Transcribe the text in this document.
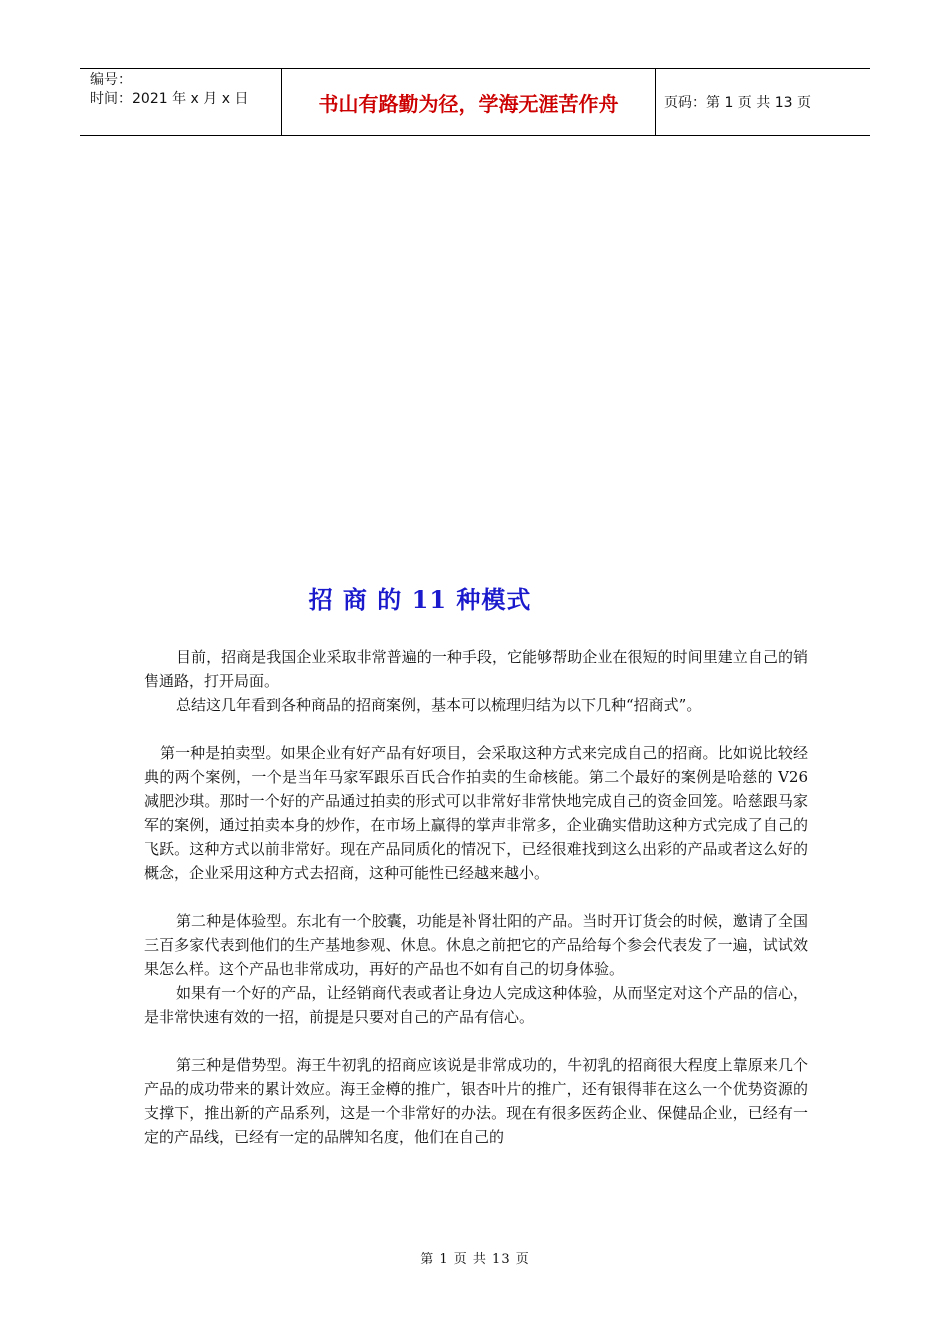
编号：
时间：2021 年 x 月 x 日	书山有路勤为径，学海无涯苦作舟	页码：第 1 页 共 13 页
招 商 的 11 种模式

目前，招商是我国企业采取非常普遍的一种手段，它能够帮助企业在很短的时间里建立自己的销售通路，打开局面。

总结这几年看到各种商品的招商案例，基本可以梳理归结为以下几种“招商式”。

第一种是拍卖型。如果企业有好产品有好项目，会采取这种方式来完成自己的招商。比如说比较经典的两个案例，一个是当年马家军跟乐百氏合作拍卖的生命核能。第二个最好的案例是哈慈的 V26 减肥沙琪。那时一个好的产品通过拍卖的形式可以非常好非常快地完成自己的资金回笼。哈慈跟马家军的案例，通过拍卖本身的炒作，在市场上赢得的掌声非常多，企业确实借助这种方式完成了自己的飞跃。这种方式以前非常好。现在产品同质化的情况下，已经很难找到这么出彩的产品或者这么好的概念，企业采用这种方式去招商，这种可能性已经越来越小。

第二种是体验型。东北有一个胶囊，功能是补肾壮阳的产品。当时开订货会的时候，邀请了全国三百多家代表到他们的生产基地参观、休息。休息之前把它的产品给每个参会代表发了一遍，试试效果怎么样。这个产品也非常成功，再好的产品也不如有自己的切身体验。

如果有一个好的产品，让经销商代表或者让身边人完成这种体验，从而坚定对这个产品的信心，是非常快速有效的一招，前提是只要对自己的产品有信心。

第三种是借势型。海王牛初乳的招商应该说是非常成功的，牛初乳的招商很大程度上靠原来几个产品的成功带来的累计效应。海王金樽的推广，银杏叶片的推广，还有银得菲在这么一个优势资源的支撑下，推出新的产品系列，这是一个非常好的办法。现在有很多医药企业、保健品企业，已经有一定的产品线，已经有一定的品牌知名度，他们在自己的

第 1 页 共 13 页
